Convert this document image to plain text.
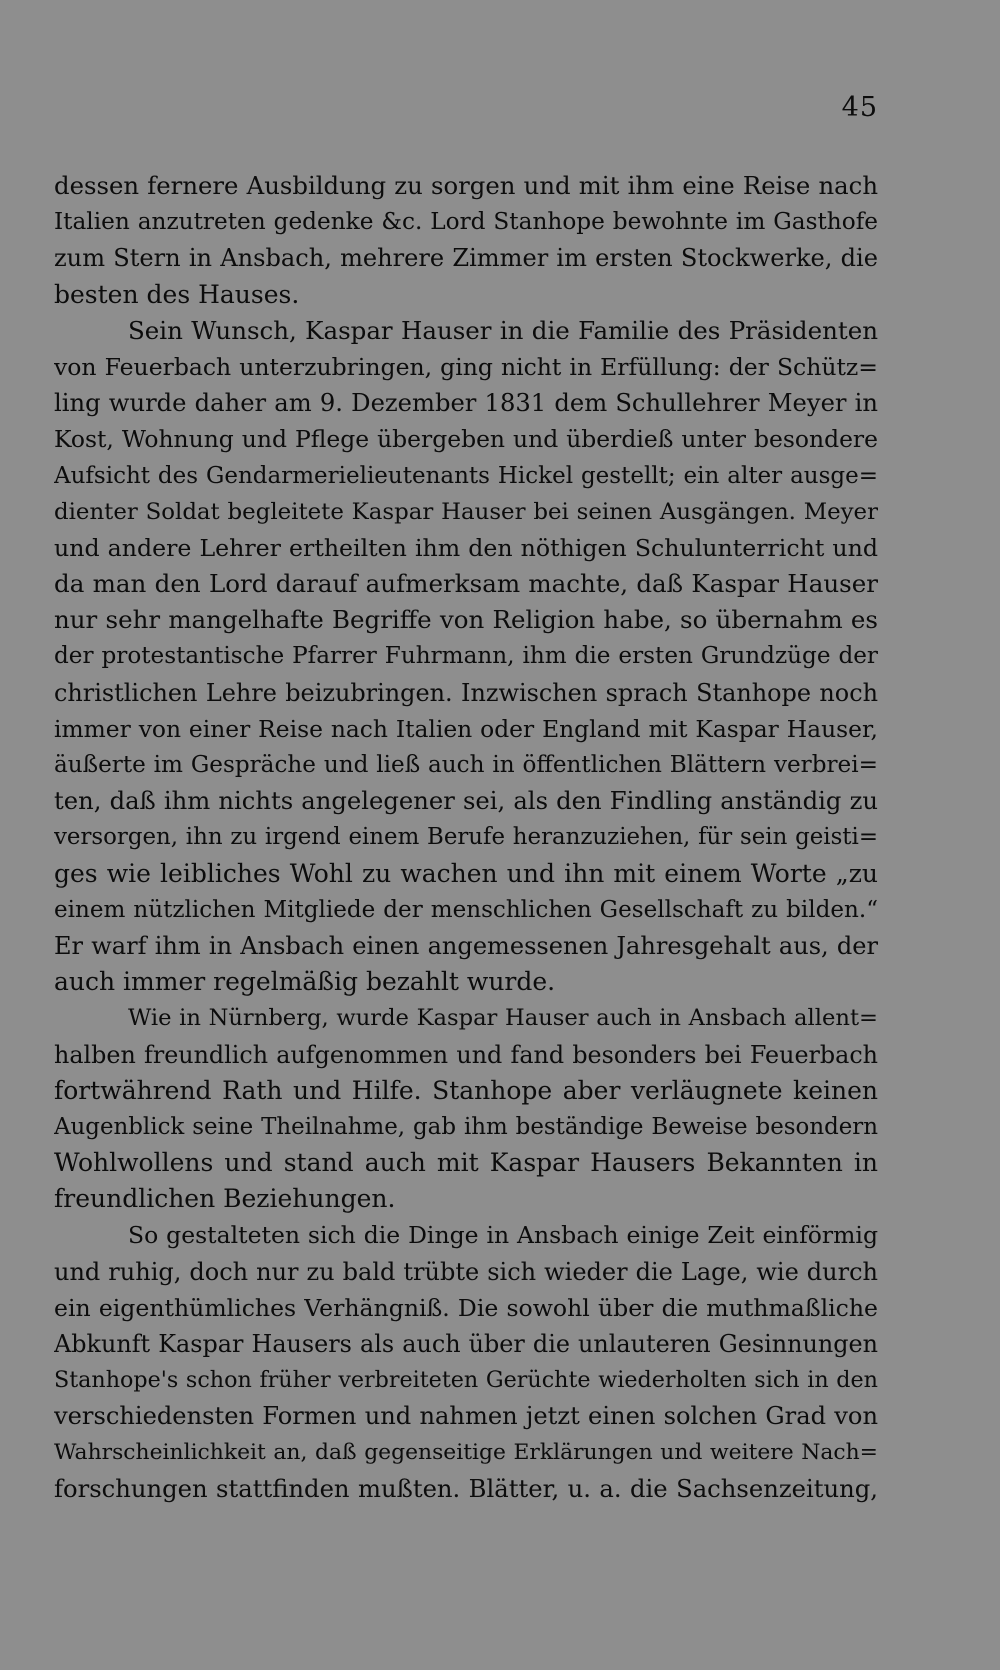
45
dessen fernere Ausbildung zu sorgen und mit ihm eine Reise nach
Italien anzutreten gedenke &c. Lord Stanhope bewohnte im Gasthofe
zum Stern in Ansbach, mehrere Zimmer im ersten Stockwerke, die
besten des Hauses.
Sein Wunsch, Kaspar Hauser in die Familie des Präsidenten
von Feuerbach unterzubringen, ging nicht in Erfüllung: der Schütz=
ling wurde daher am 9. Dezember 1831 dem Schullehrer Meyer in
Kost, Wohnung und Pflege übergeben und überdieß unter besondere
Aufsicht des Gendarmerielieutenants Hickel gestellt; ein alter ausge=
dienter Soldat begleitete Kaspar Hauser bei seinen Ausgängen. Meyer
und andere Lehrer ertheilten ihm den nöthigen Schulunterricht und
da man den Lord darauf aufmerksam machte, daß Kaspar Hauser
nur sehr mangelhafte Begriffe von Religion habe, so übernahm es
der protestantische Pfarrer Fuhrmann, ihm die ersten Grundzüge der
christlichen Lehre beizubringen. Inzwischen sprach Stanhope noch
immer von einer Reise nach Italien oder England mit Kaspar Hauser,
äußerte im Gespräche und ließ auch in öffentlichen Blättern verbrei=
ten, daß ihm nichts angelegener sei, als den Findling anständig zu
versorgen, ihn zu irgend einem Berufe heranzuziehen, für sein geisti=
ges wie leibliches Wohl zu wachen und ihn mit einem Worte „zu
einem nützlichen Mitgliede der menschlichen Gesellschaft zu bilden.“
Er warf ihm in Ansbach einen angemessenen Jahresgehalt aus, der
auch immer regelmäßig bezahlt wurde.
Wie in Nürnberg, wurde Kaspar Hauser auch in Ansbach allent=
halben freundlich aufgenommen und fand besonders bei Feuerbach
fortwährend Rath und Hilfe. Stanhope aber verläugnete keinen
Augenblick seine Theilnahme, gab ihm beständige Beweise besondern
Wohlwollens und stand auch mit Kaspar Hausers Bekannten in
freundlichen Beziehungen.
So gestalteten sich die Dinge in Ansbach einige Zeit einförmig
und ruhig, doch nur zu bald trübte sich wieder die Lage, wie durch
ein eigenthümliches Verhängniß. Die sowohl über die muthmaßliche
Abkunft Kaspar Hausers als auch über die unlauteren Gesinnungen
Stanhope's schon früher verbreiteten Gerüchte wiederholten sich in den
verschiedensten Formen und nahmen jetzt einen solchen Grad von
Wahrscheinlichkeit an, daß gegenseitige Erklärungen und weitere Nach=
forschungen stattfinden mußten. Blätter, u. a. die Sachsenzeitung,
